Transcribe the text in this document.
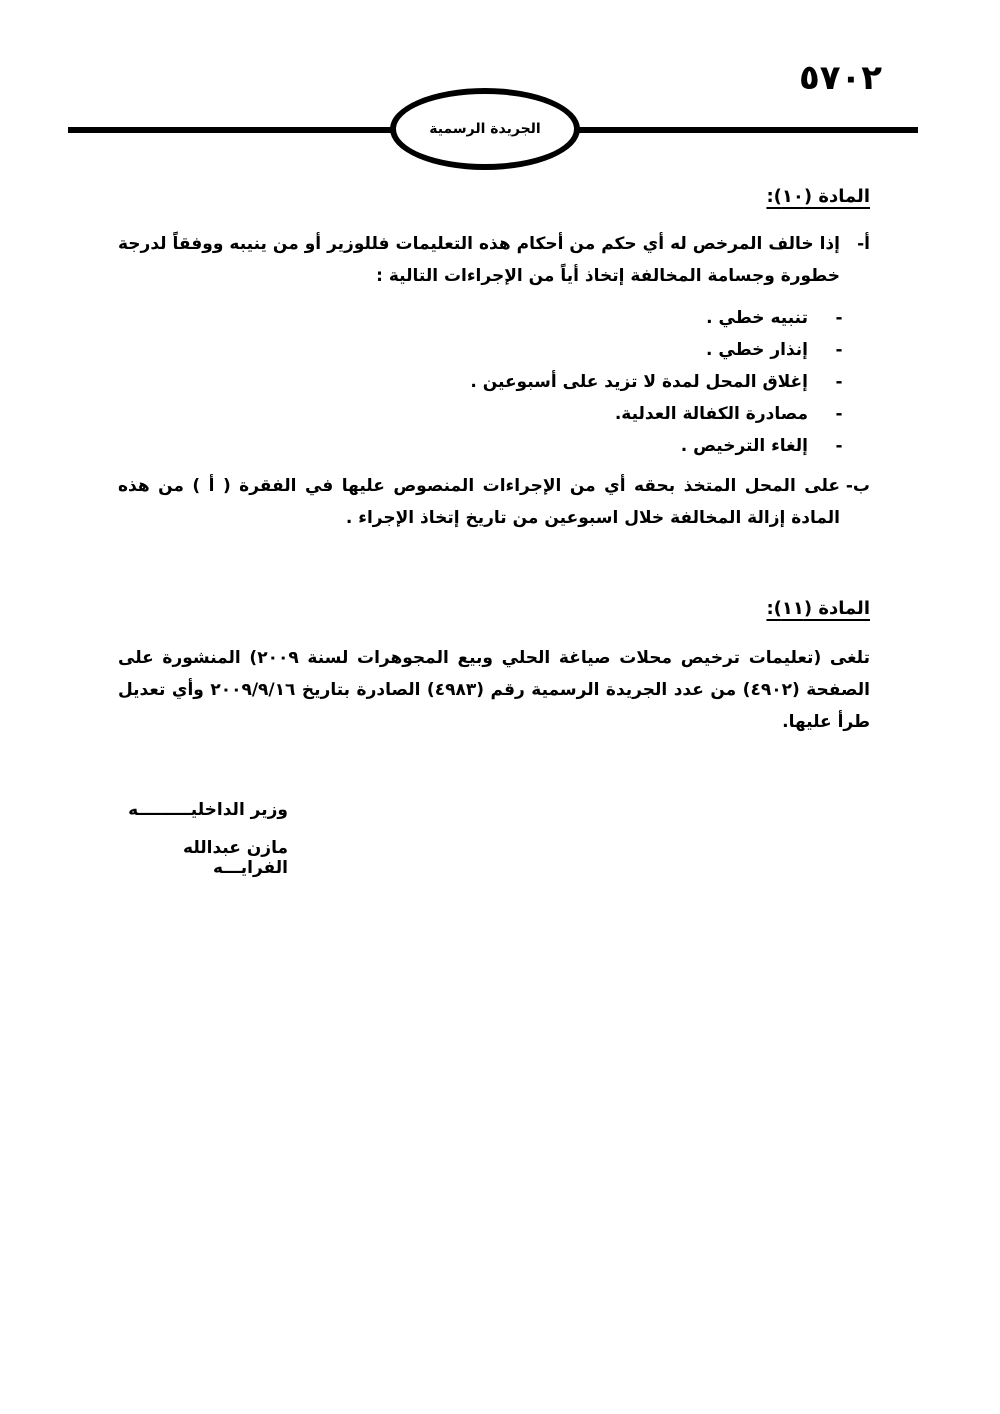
٥٧٠٢
الجريدة الرسمية
المادة (١٠):
أ-
إذا خالف المرخص له أي حكم من أحكام هذه التعليمات فللوزير أو من ينيبه ووفقاً لدرجة خطورة وجسامة المخالفة إتخاذ أياً من الإجراءات التالية :
-
تنبيه خطي .
-
إنذار خطي .
-
إغلاق المحل لمدة لا تزيد على أسبوعين .
-
مصادرة الكفالة العدلية.
-
إلغاء الترخيص .
ب-
على المحل المتخذ بحقه أي من الإجراءات المنصوص عليها في الفقرة ( أ ) من هذه المادة إزالة المخالفة خلال اسبوعين من تاريخ إتخاذ الإجراء .
المادة (١١):
تلغى (تعليمات ترخيص محلات صياغة الحلي وبيع المجوهرات لسنة ٢٠٠٩) المنشورة على الصفحة (٤٩٠٢) من عدد الجريدة الرسمية رقم (٤٩٨٣) الصادرة بتاريخ ٢٠٠٩/٩/١٦ وأي تعديل طرأ عليها.
وزير الداخليـــــــــه
مازن عبدالله الفرايـــه
